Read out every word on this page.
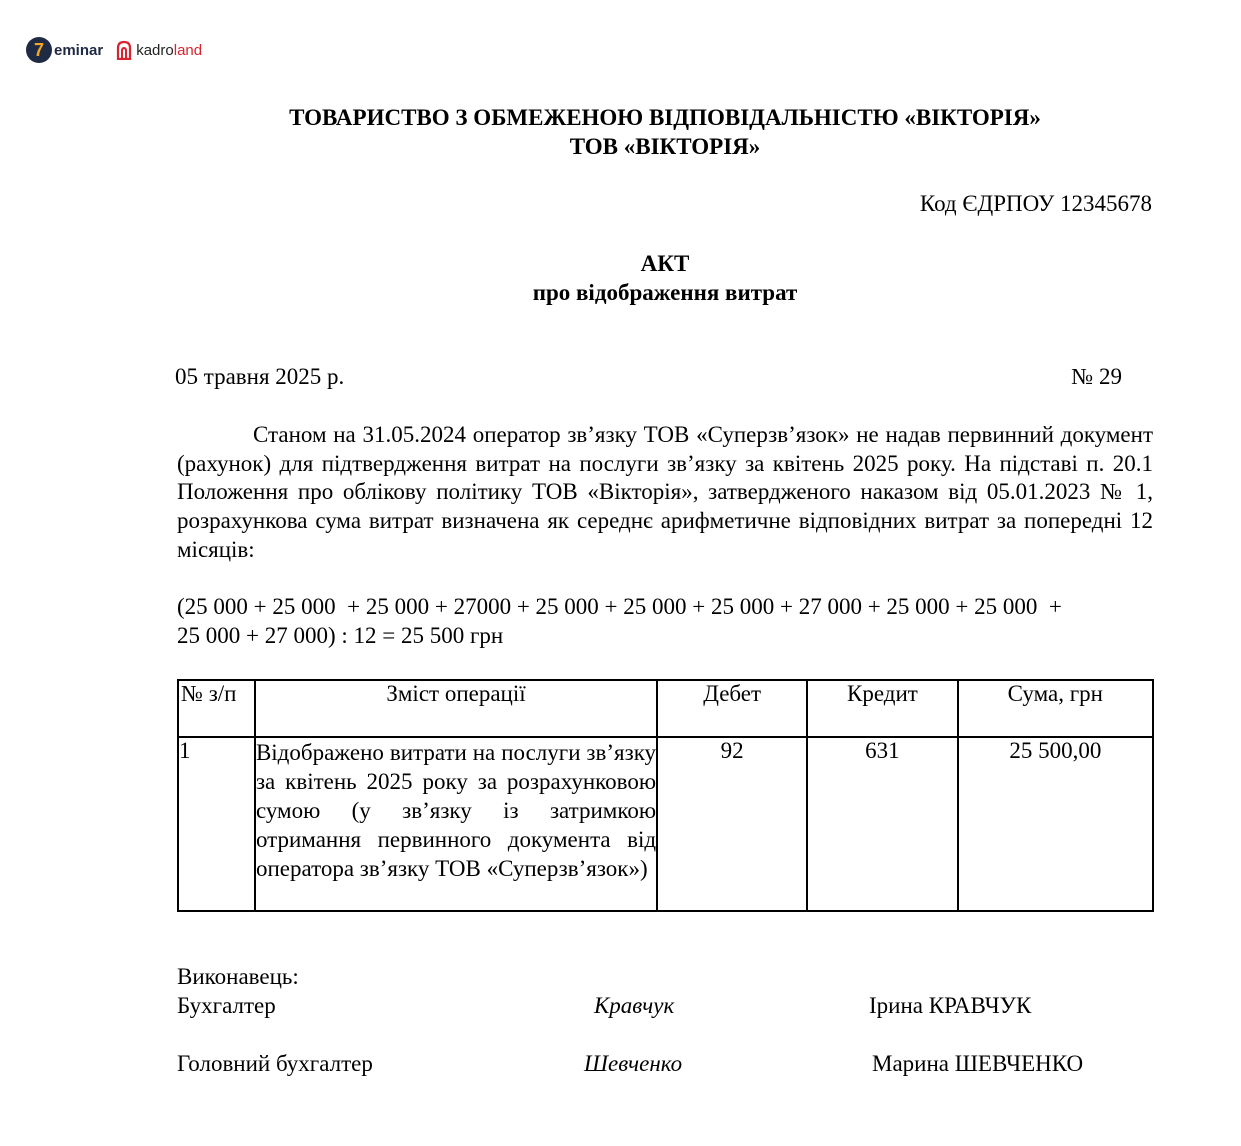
7 eminar kadroland
ТОВАРИСТВО З ОБМЕЖЕНОЮ ВІДПОВІДАЛЬНІСТЮ «ВІКТОРІЯ»
ТОВ «ВІКТОРІЯ»
Код ЄДРПОУ 12345678
АКТ
про відображення витрат
05 травня 2025 р.	№ 29
Станом на 31.05.2024 оператор зв’язку ТОВ «Суперзв’язок» не надав первинний документ (рахунок) для підтвердження витрат на послуги зв’язку за квітень 2025 року. На підставі п. 20.1 Положення про облікову політику ТОВ «Вікторія», затвердженого наказом від 05.01.2023 № 1, розрахункова сума витрат визначена як середнє арифметичне відповідних витрат за попередні 12 місяців:
(25 000 + 25 000  + 25 000 + 27000 + 25 000 + 25 000 + 25 000 + 27 000 + 25 000 + 25 000  +
25 000 + 27 000) : 12 = 25 500 грн
№ з/п	Зміст операції	Дебет	Кредит	Сума, грн
1	Відображено витрати на послуги зв’язку за квітень 2025 року за розрахунковою сумою (у зв’язку із затримкою отримання первинного документа від оператора зв’язку ТОВ «Суперзв’язок»)	92	631	25 500,00
Виконавець:
Бухгалтер	Кравчук	Ірина КРАВЧУК
Головний бухгалтер	Шевченко	Марина ШЕВЧЕНКО
